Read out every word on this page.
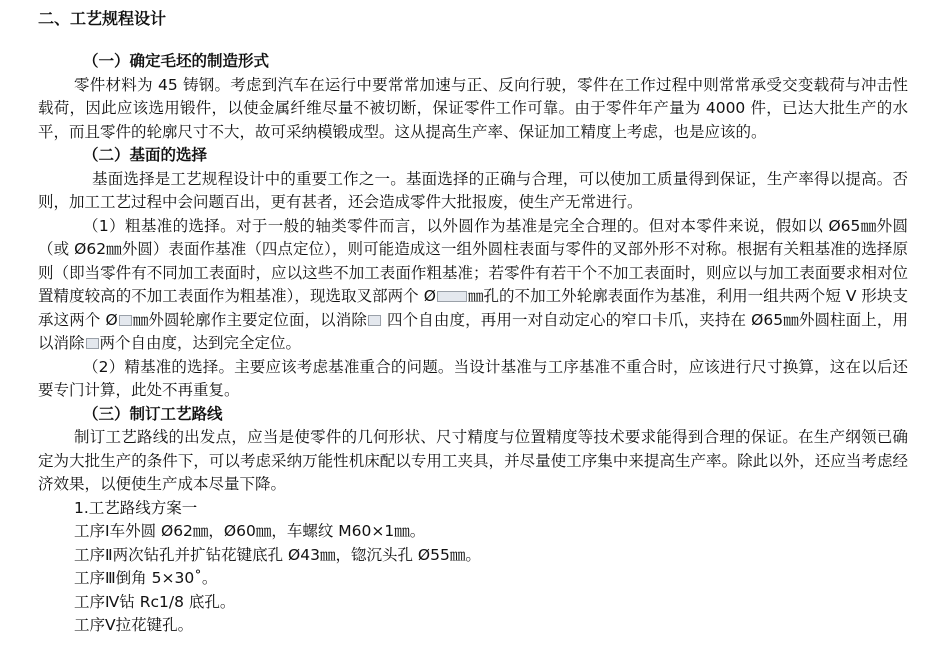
二、工艺规程设计

（一）确定毛坯的制造形式

零件材料为 45 铸钢。考虑到汽车在运行中要常常加速与正、反向行驶，零件在工作过程中则常常承受交变载荷与冲击性载荷，因此应该选用锻件，以使金属纤维尽量不被切断，保证零件工作可靠。由于零件年产量为 4000 件，已达大批生产的水平，而且零件的轮廓尺寸不大，故可采纳模锻成型。这从提高生产率、保证加工精度上考虑，也是应该的。

（二）基面的选择

基面选择是工艺规程设计中的重要工作之一。基面选择的正确与合理，可以使加工质量得到保证，生产率得以提高。否则，加工工艺过程中会问题百出，更有甚者，还会造成零件大批报废，使生产无常进行。

（1）粗基准的选择。对于一般的轴类零件而言，以外圆作为基准是完全合理的。但对本零件来说，假如以 Ø65㎜外圆（或 Ø62㎜外圆）表面作基准（四点定位），则可能造成这一组外圆柱表面与零件的叉部外形不对称。根据有关粗基准的选择原则（即当零件有不同加工表面时，应以这些不加工表面作粗基准；若零件有若干个不加工表面时，则应以与加工表面要求相对位置精度较高的不加工表面作为粗基准），现选取叉部两个 Ø ㎜孔的不加工外轮廓表面作为基准，利用一组共两个短 V 形块支承这两个 Ø ㎜外圆轮廓作主要定位面，以消除 四个自由度，再用一对自动定心的窄口卡爪，夹持在 Ø65㎜外圆柱面上，用以消除 两个自由度，达到完全定位。

（2）精基准的选择。主要应该考虑基准重合的问题。当设计基准与工序基准不重合时，应该进行尺寸换算，这在以后还要专门计算，此处不再重复。

（三）制订工艺路线

制订工艺路线的出发点，应当是使零件的几何形状、尺寸精度与位置精度等技术要求能得到合理的保证。在生产纲领已确定为大批生产的条件下，可以考虑采纳万能性机床配以专用工夹具，并尽量使工序集中来提高生产率。除此以外，还应当考虑经济效果，以便使生产成本尽量下降。

1.工艺路线方案一

工序Ⅰ车外圆 Ø62㎜，Ø60㎜，车螺纹 M60×1㎜。

工序Ⅱ两次钻孔并扩钻花键底孔 Ø43㎜，锪沉头孔 Ø55㎜。

工序Ⅲ倒角 5×30˚。

工序Ⅳ钻 Rc1/8 底孔。

工序Ⅴ拉花键孔。
